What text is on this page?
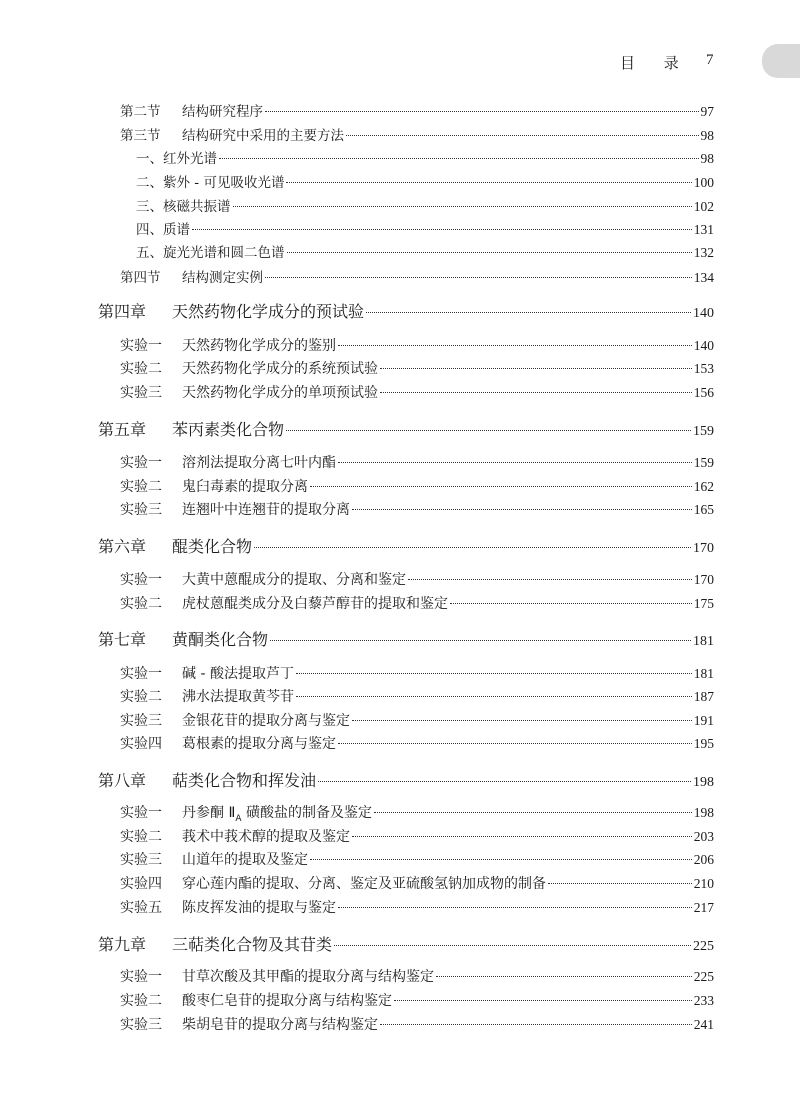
目 录 7
第二节	结构研究程序	97
第三节	结构研究中采用的主要方法	98
一、红外光谱	98
二、紫外 - 可见吸收光谱	100
三、核磁共振谱	102
四、质谱	131
五、旋光光谱和圆二色谱	132
第四节	结构测定实例	134
第四章	天然药物化学成分的预试验	140
实验一	天然药物化学成分的鉴别	140
实验二	天然药物化学成分的系统预试验	153
实验三	天然药物化学成分的单项预试验	156
第五章	苯丙素类化合物	159
实验一	溶剂法提取分离七叶内酯	159
实验二	鬼臼毒素的提取分离	162
实验三	连翘叶中连翘苷的提取分离	165
第六章	醌类化合物	170
实验一	大黄中蒽醌成分的提取、分离和鉴定	170
实验二	虎杖蒽醌类成分及白藜芦醇苷的提取和鉴定	175
第七章	黄酮类化合物	181
实验一	碱 - 酸法提取芦丁	181
实验二	沸水法提取黄芩苷	187
实验三	金银花苷的提取分离与鉴定	191
实验四	葛根素的提取分离与鉴定	195
第八章	萜类化合物和挥发油	198
实验一	丹参酮 $Ⅱ_A$ 磺酸盐的制备及鉴定	198
实验二	莪术中莪术醇的提取及鉴定	203
实验三	山道年的提取及鉴定	206
实验四	穿心莲内酯的提取、分离、鉴定及亚硫酸氢钠加成物的制备	210
实验五	陈皮挥发油的提取与鉴定	217
第九章	三萜类化合物及其苷类	225
实验一	甘草次酸及其甲酯的提取分离与结构鉴定	225
实验二	酸枣仁皂苷的提取分离与结构鉴定	233
实验三	柴胡皂苷的提取分离与结构鉴定	241
